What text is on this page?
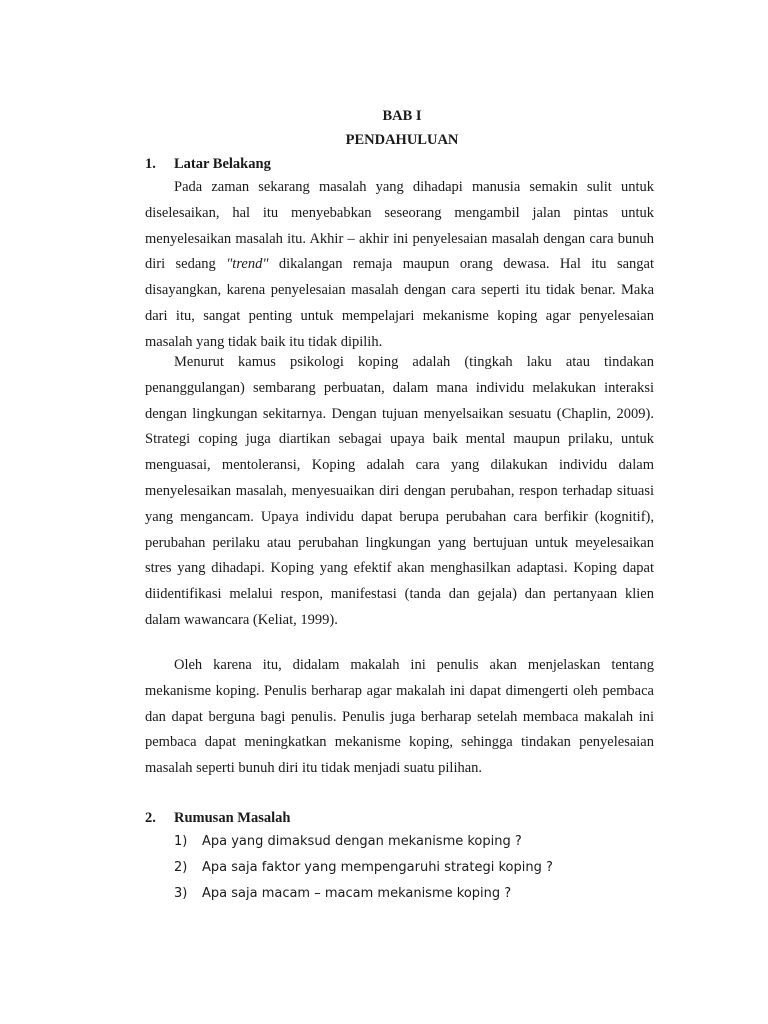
BAB I
PENDAHULUAN
1. Latar Belakang

Pada zaman sekarang masalah yang dihadapi manusia semakin sulit untuk diselesaikan, hal itu menyebabkan seseorang mengambil jalan pintas untuk menyelesaikan masalah itu. Akhir – akhir ini penyelesaian masalah dengan cara bunuh diri sedang "trend" dikalangan remaja maupun orang dewasa. Hal itu sangat disayangkan, karena penyelesaian masalah dengan cara seperti itu tidak benar. Maka dari itu, sangat penting untuk mempelajari mekanisme koping agar penyelesaian masalah yang tidak baik itu tidak dipilih.

Menurut kamus psikologi koping adalah (tingkah laku atau tindakan penanggulangan) sembarang perbuatan, dalam mana individu melakukan interaksi dengan lingkungan sekitarnya. Dengan tujuan menyelsaikan sesuatu (Chaplin, 2009). Strategi coping juga diartikan sebagai upaya baik mental maupun prilaku, untuk menguasai, mentoleransi, Koping adalah cara yang dilakukan individu dalam menyelesaikan masalah, menyesuaikan diri dengan perubahan, respon terhadap situasi yang mengancam. Upaya individu dapat berupa perubahan cara berfikir (kognitif), perubahan perilaku atau perubahan lingkungan yang bertujuan untuk meyelesaikan stres yang dihadapi. Koping yang efektif akan menghasilkan adaptasi. Koping dapat diidentifikasi melalui respon, manifestasi (tanda dan gejala) dan pertanyaan klien dalam wawancara (Keliat, 1999).

Oleh karena itu, didalam makalah ini penulis akan menjelaskan tentang mekanisme koping. Penulis berharap agar makalah ini dapat dimengerti oleh pembaca dan dapat berguna bagi penulis. Penulis juga berharap setelah membaca makalah ini pembaca dapat meningkatkan mekanisme koping, sehingga tindakan penyelesaian masalah seperti bunuh diri itu tidak menjadi suatu pilihan.

2. Rumusan Masalah
1)	Apa yang dimaksud dengan mekanisme koping ?
2)	Apa saja faktor yang mempengaruhi strategi koping ?
3)	Apa saja macam – macam mekanisme koping ?
